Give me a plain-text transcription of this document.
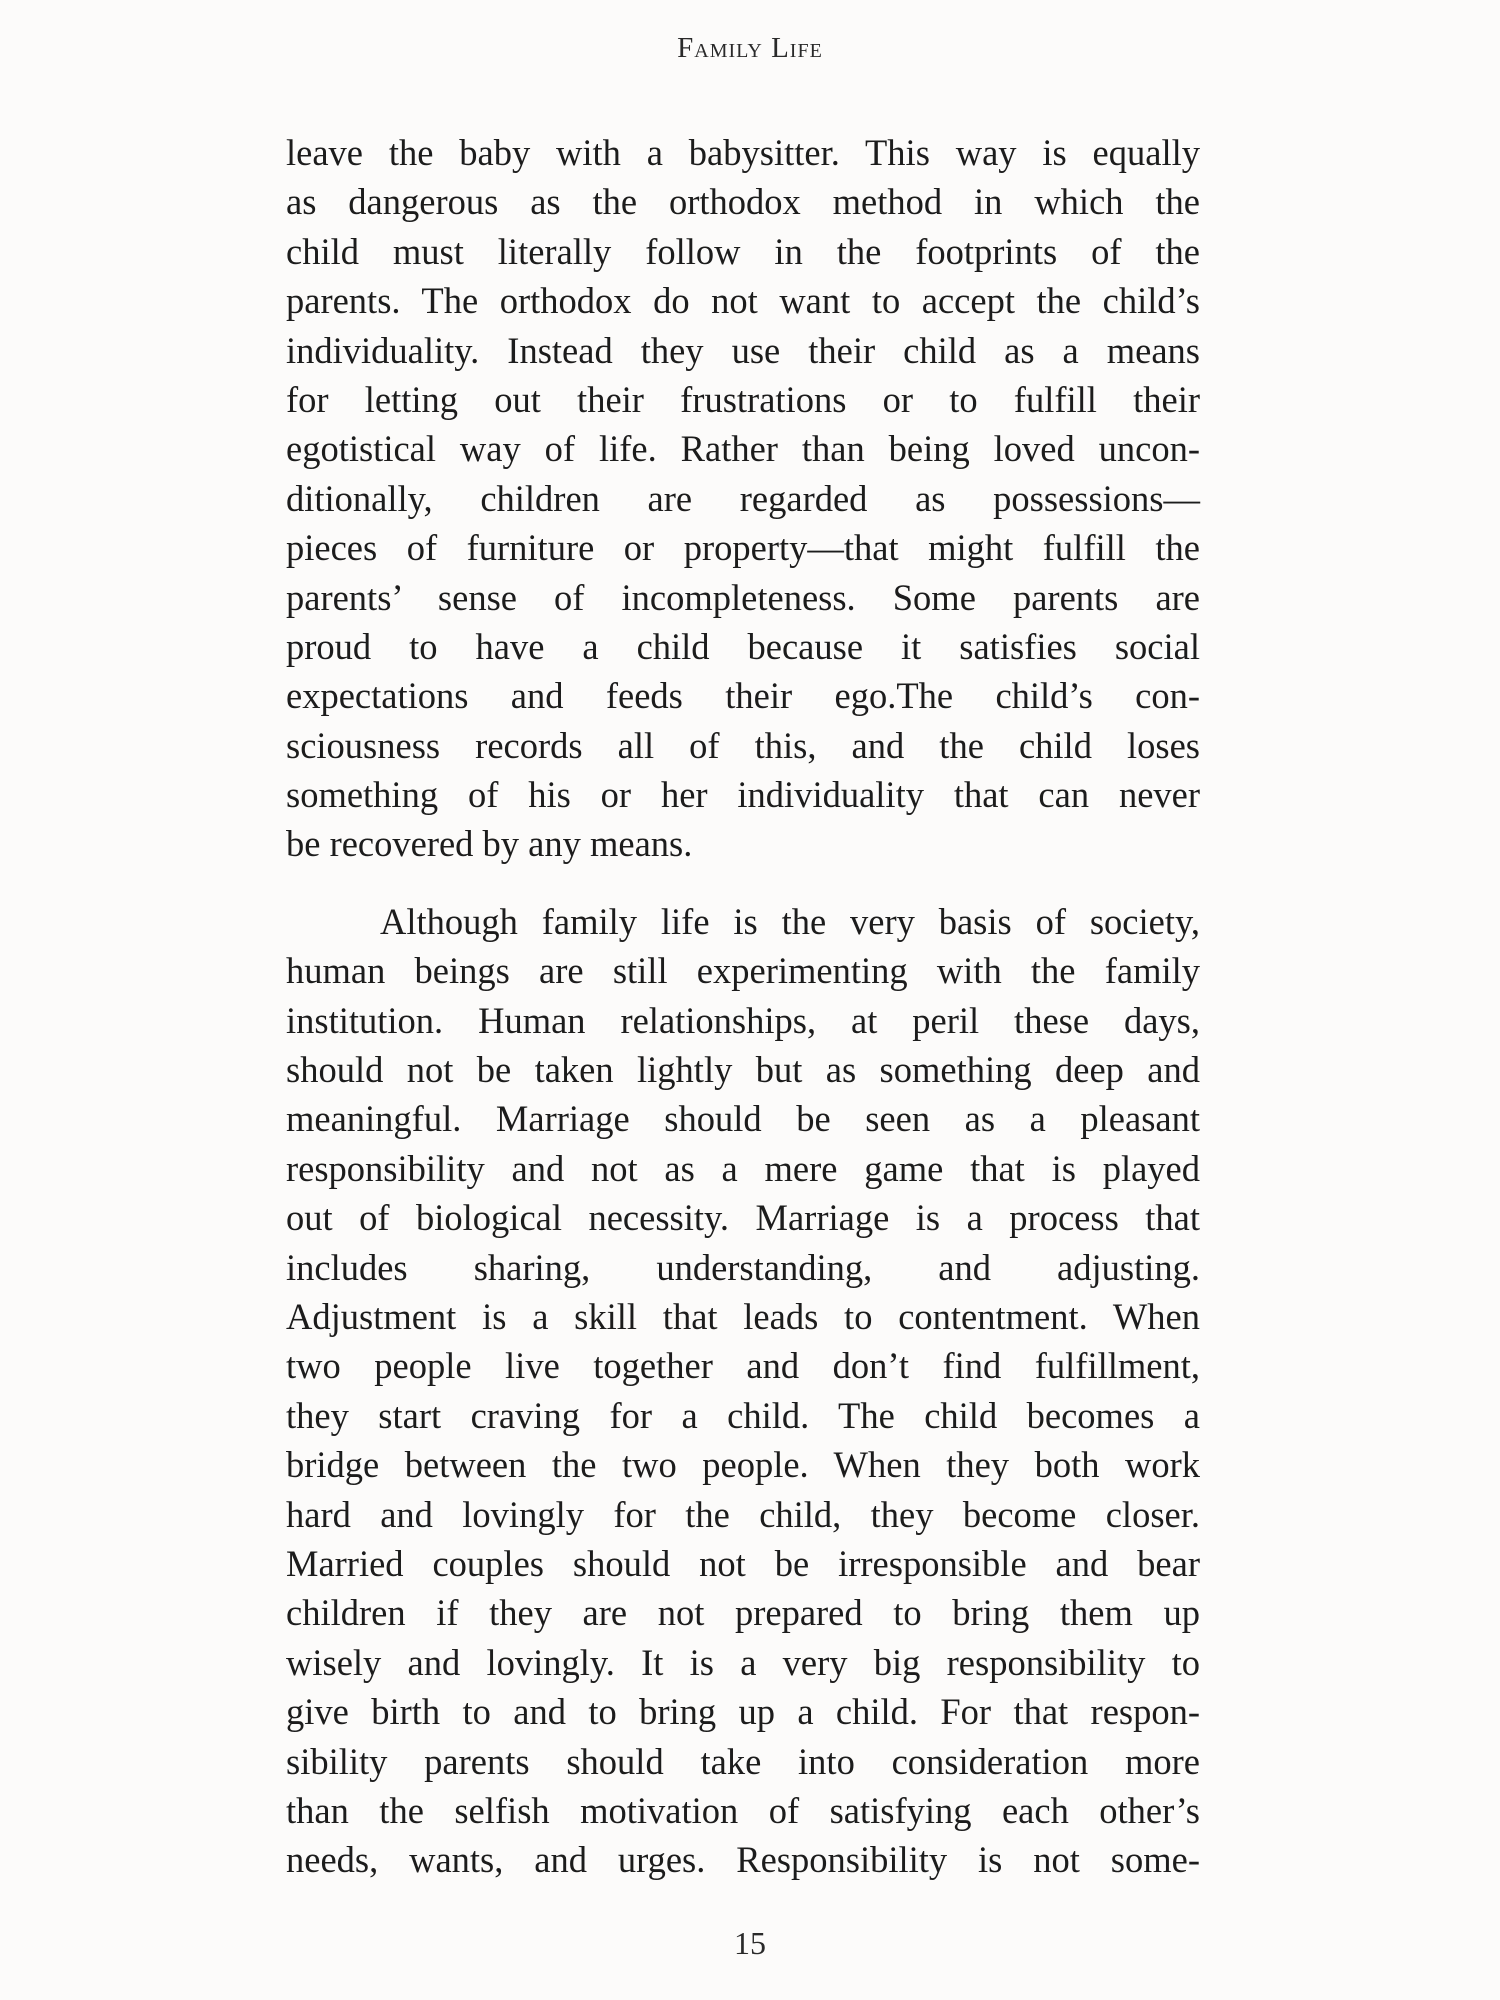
Family Life

leave the baby with a babysitter. This way is equally
as dangerous as the orthodox method in which the
child must literally follow in the footprints of the
parents. The orthodox do not want to accept the child’s
individuality. Instead they use their child as a means
for letting out their frustrations or to fulfill their
egotistical way of life. Rather than being loved uncon-
ditionally, children are regarded as possessions—
pieces of furniture or property—that might fulfill the
parents’ sense of incompleteness. Some parents are
proud to have a child because it satisfies social
expectations and feeds their ego.The child’s con-
sciousness records all of this, and the child loses
something of his or her individuality that can never
be recovered by any means.

Although family life is the very basis of society,
human beings are still experimenting with the family
institution. Human relationships, at peril these days,
should not be taken lightly but as something deep and
meaningful. Marriage should be seen as a pleasant
responsibility and not as a mere game that is played
out of biological necessity. Marriage is a process that
includes sharing, understanding, and adjusting.
Adjustment is a skill that leads to contentment. When
two people live together and don’t find fulfillment,
they start craving for a child. The child becomes a
bridge between the two people. When they both work
hard and lovingly for the child, they become closer.
Married couples should not be irresponsible and bear
children if they are not prepared to bring them up
wisely and lovingly. It is a very big responsibility to
give birth to and to bring up a child. For that respon-
sibility parents should take into consideration more
than the selfish motivation of satisfying each other’s
needs, wants, and urges. Responsibility is not some-

15
